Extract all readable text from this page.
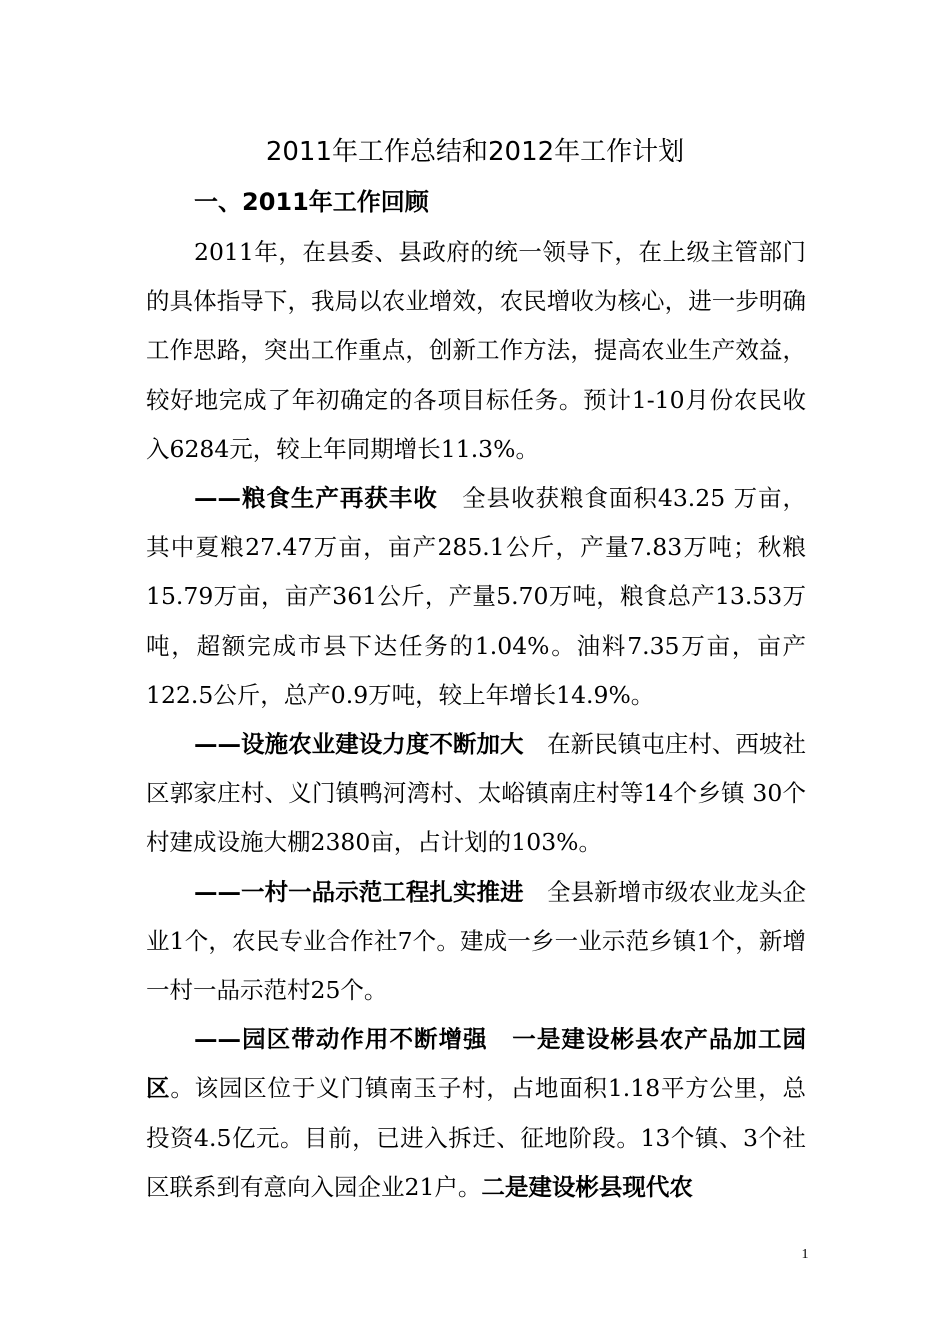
2011年工作总结和2012年工作计划
一、2011年工作回顾

2011年，在县委、县政府的统一领导下，在上级主管部门的具体指导下，我局以农业增效，农民增收为核心，进一步明确工作思路，突出工作重点，创新工作方法，提高农业生产效益，较好地完成了年初确定的各项目标任务。预计1-10月份农民收入6284元，较上年同期增长11.3%。

——粮食生产再获丰收　全县收获粮食面积43.25 万亩，其中夏粮27.47万亩，亩产285.1公斤，产量7.83万吨；秋粮15.79万亩，亩产361公斤，产量5.70万吨，粮食总产13.53万吨，超额完成市县下达任务的1.04%。油料7.35万亩，亩产122.5公斤，总产0.9万吨，较上年增长14.9%。

——设施农业建设力度不断加大　在新民镇屯庄村、西坡社区郭家庄村、义门镇鸭河湾村、太峪镇南庄村等14个乡镇 30个村建成设施大棚2380亩，占计划的103%。

——一村一品示范工程扎实推进　全县新增市级农业龙头企业1个，农民专业合作社7个。建成一乡一业示范乡镇1个，新增一村一品示范村25个。

——园区带动作用不断增强　 一是建设彬县农产品加工园区。该园区位于义门镇南玉子村，占地面积1.18平方公里，总投资4.5亿元。目前，已进入拆迁、征地阶段。13个镇、3个社区联系到有意向入园企业21户。二是建设彬县现代农

1
